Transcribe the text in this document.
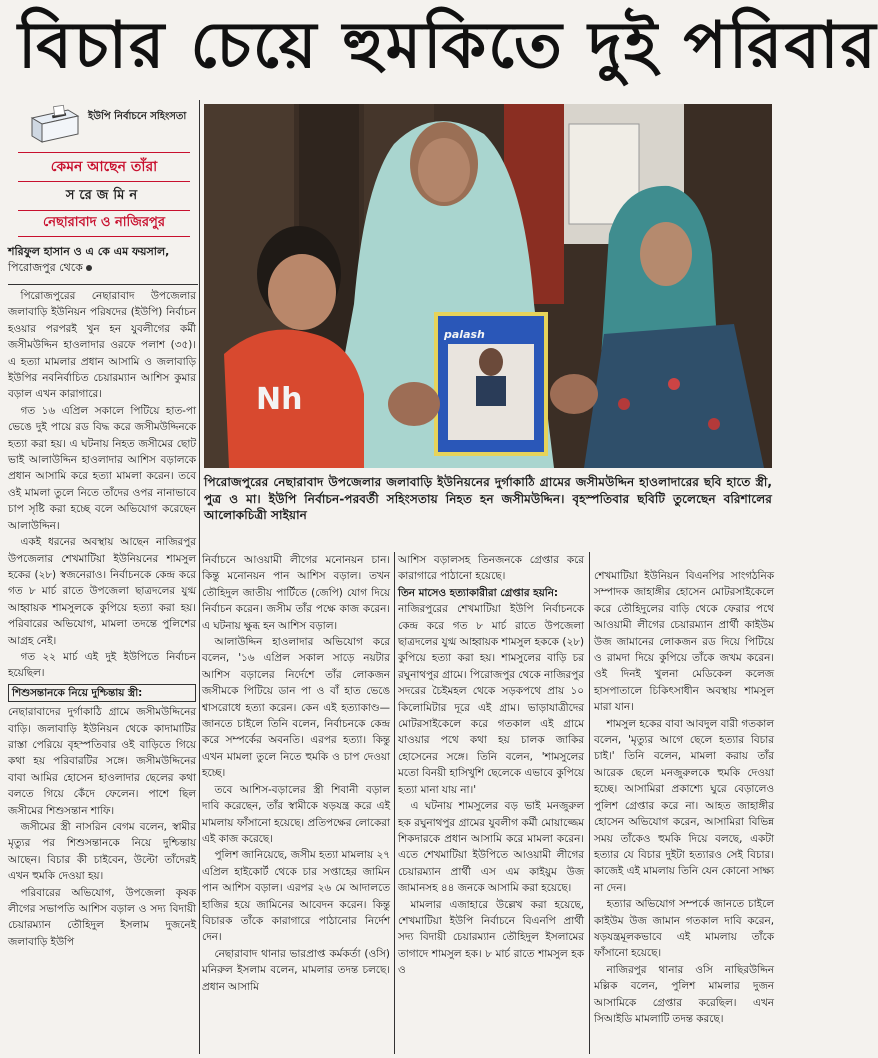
বিচার চেয়ে হুমকিতে দুই পরিবার
ইউপি নির্বাচনে সহিংসতা
কেমন আছেন তাঁরা
সরেজমিন
নেছারাবাদ ও নাজিরপুর
শরিফুল হাসান ও এ কে এম ফয়সাল,
পিরোজপুর থেকে
Nh
palash
পিরোজপুরের নেছারাবাদ উপজেলার জলাবাড়ি ইউনিয়নের দুর্গাকাঠি গ্রামের জসীমউদ্দিন হাওলাদারের ছবি হাতে স্ত্রী, পুত্র ও মা। ইউপি নির্বাচন-পরবর্তী সহিংসতায় নিহত হন জসীমউদ্দিন। বৃহস্পতিবার ছবিটি তুলেছেন বরিশালের আলোকচিত্রী সাইয়ান

পিরোজপুরের নেছারাবাদ উপজেলার জলাবাড়ি ইউনিয়ন পরিষদের (ইউপি) নির্বাচন হওয়ার পরপরই খুন হন যুবলীগের কর্মী জসীমউদ্দিন হাওলাদার ওরফে পলাশ (৩৫)। এ হত্যা মামলার প্রধান আসামি ও জলাবাড়ি ইউপির নবনির্বাচিত চেয়ারম্যান আশিস কুমার বড়াল এখন কারাগারে।

গত ১৬ এপ্রিল সকালে পিটিয়ে হাত-পা ভেঙে দুই পায়ে রড বিদ্ধ করে জসীমউদ্দিনকে হত্যা করা হয়। এ ঘটনায় নিহত জসীমের ছোট ভাই আলাউদ্দিন হাওলাদার আশিস বড়ালকে প্রধান আসামি করে হত্যা মামলা করেন। তবে ওই মামলা তুলে নিতে তাঁদের ওপর নানাভাবে চাপ সৃষ্টি করা হচ্ছে বলে অভিযোগ করেছেন আলাউদ্দিন।

একই ধরনের অবস্থায় আছেন নাজিরপুর উপজেলার শেখমাটিয়া ইউনিয়নের শামসুল হকের (২৮) স্বজনেরাও। নির্বাচনকে কেন্দ্র করে গত ৮ মার্চ রাতে উপজেলা ছাত্রদলের যুগ্ম আহ্বায়ক শামসুলকে কুপিয়ে হত্যা করা হয়। পরিবারের অভিযোগ, মামলা তদন্তে পুলিশের আগ্রহ নেই।

গত ২২ মার্চ এই দুই ইউপিতে নির্বাচন হয়েছিল।

শিশুসন্তানকে নিয়ে দুশ্চিন্তায় স্ত্রী:

নেছারাবাদের দুর্গাকাঠি গ্রামে জসীমউদ্দিনের বাড়ি। জলাবাড়ি ইউনিয়ন থেকে কাদামাটির রাস্তা পেরিয়ে বৃহস্পতিবার ওই বাড়িতে গিয়ে কথা হয় পরিবারটির সঙ্গে। জসীমউদ্দিনের বাবা আমির হোসেন হাওলাদার ছেলের কথা বলতে গিয়ে কেঁদে ফেলেন। পাশে ছিল জসীমের শিশুসন্তান শাফি।

জসীমের স্ত্রী নাসরিন বেগম বলেন, স্বামীর মৃত্যুর পর শিশুসন্তানকে নিয়ে দুশ্চিন্তায় আছেন। বিচার কী চাইবেন, উল্টো তাঁদেরই এখন হুমকি দেওয়া হয়।

পরিবারের অভিযোগ, উপজেলা কৃষক লীগের সভাপতি আশিস বড়াল ও সদ্য বিদায়ী চেয়ারম্যান তৌহিদুল ইসলাম দুজনেই জলাবাড়ি ইউপি

নির্বাচনে আওয়ামী লীগের মনোনয়ন চান। কিন্তু মনোনয়ন পান আশিস বড়াল। তখন তৌহিদুল জাতীয় পার্টিতে (জেপি) যোগ দিয়ে নির্বাচন করেন। জসীম তাঁর পক্ষে কাজ করেন। এ ঘটনায় ক্ষুব্ধ হন আশিস বড়াল।

আলাউদ্দিন হাওলাদার অভিযোগ করে বলেন, '১৬ এপ্রিল সকাল সাড়ে নয়টার আশিস বড়ালের নির্দেশে তাঁর লোকজন জসীমকে পিটিয়ে ডান পা ও বাঁ হাত ভেঙে শ্বাসরোধে হত্যা করেন। কেন এই হত্যাকাণ্ড—জানতে চাইলে তিনি বলেন, নির্বাচনকে কেন্দ্র করে সম্পর্কের অবনতি। এরপর হত্যা। কিন্তু এখন মামলা তুলে নিতে হুমকি ও চাপ দেওয়া হচ্ছে।

তবে আশিস-বড়ালের স্ত্রী শিবানী বড়াল দাবি করেছেন, তাঁর স্বামীকে ষড়যন্ত্র করে এই মামলায় ফাঁসানো হয়েছে। প্রতিপক্ষের লোকেরা এই কাজ করেছে।

পুলিশ জানিয়েছে, জসীম হত্যা মামলায় ২৭ এপ্রিল হাইকোর্ট থেকে চার সপ্তাহের জামিন পান আশিস বড়াল। এরপর ২৬ মে আদালতে হাজির হয়ে জামিনের আবেদন করেন। কিন্তু বিচারক তাঁকে কারাগারে পাঠানোর নির্দেশ দেন।

নেছারাবাদ থানার ভারপ্রাপ্ত কর্মকর্তা (ওসি) মনিরুল ইসলাম বলেন, মামলার তদন্ত চলছে। প্রধান আসামি

আশিস বড়ালসহ তিনজনকে গ্রেপ্তার করে কারাগারে পাঠানো হয়েছে।

তিন মাসেও হত্যাকারীরা গ্রেপ্তার হয়নি:

নাজিরপুরের শেখমাটিয়া ইউপি নির্বাচনকে কেন্দ্র করে গত ৮ মার্চ রাতে উপজেলা ছাত্রদলের যুগ্ম আহ্বায়ক শামসুল হককে (২৮) কুপিয়ে হত্যা করা হয়। শামসুলের বাড়ি চর রঘুনাথপুর গ্রামে। পিরোজপুর থেকে নাজিরপুর সদরের চৈইমহল থেকে সড়কপথে প্রায় ১০ কিলোমিটার দূরে এই গ্রাম। ভাড়াযাত্রীদের মোটরসাইকেলে করে গতকাল এই গ্রামে যাওয়ার পথে কথা হয় চালক জাকির হোসেনের সঙ্গে। তিনি বলেন, 'শামসুলের মতো বিনয়ী হাসিখুশি ছেলেকে এভাবে কুপিয়ে হত্যা মানা যায় না।'

এ ঘটনায় শামসুলের বড় ভাই মনজুরুল হক রঘুনাথপুর গ্রামের যুবলীগ কর্মী মোয়াজ্জেম শিকদারকে প্রধান আসামি করে মামলা করেন। এতে শেখমাটিয়া ইউপিতে আওয়ামী লীগের চেয়ারম্যান প্রার্থী এস এম কাইয়ুম উজ জামানসহ ৪৪ জনকে আসামি করা হয়েছে।

মামলার এজাহারে উল্লেখ করা হয়েছে, শেখমাটিয়া ইউপি নির্বাচনে বিএনপি প্রার্থী সদ্য বিদায়ী চেয়ারম্যান তৌহিদুল ইসলামের তাগাদে শামসুল হক। ৮ মার্চ রাতে শামসুল হক ও

শেখমাটিয়া ইউনিয়ন বিএনপির সাংগঠনিক সম্পাদক জাহাঙ্গীর হোসেন মোটরসাইকেলে করে তৌহিদুলের বাড়ি থেকে ফেরার পথে আওয়ামী লীগের চেয়ারম্যান প্রার্থী কাইউম উজ জামানের লোকজন রড দিয়ে পিটিয়ে ও রামদা দিয়ে কুপিয়ে তাঁকে জখম করেন। ওই দিনই খুলনা মেডিকেল কলেজ হাসপাতালে চিকিৎসাধীন অবস্থায় শামসুল মারা যান।

শামসুল হকের বাবা আবদুল বারী গতকাল বলেন, 'মৃত্যুর আগে ছেলে হত্যার বিচার চাই।' তিনি বলেন, মামলা করায় তাঁর আরেক ছেলে মনজুরুলকে হুমকি দেওয়া হচ্ছে। আসামিরা প্রকাশ্যে ঘুরে বেড়ালেও পুলিশ গ্রেপ্তার করে না। আহত জাহাঙ্গীর হোসেন অভিযোগ করেন, আসামিরা বিভিন্ন সময় তাঁকেও হুমকি দিয়ে বলছে, একটা হত্যার যে বিচার দুইটা হত্যারও সেই বিচার। কাজেই এই মামলায় তিনি যেন কোনো সাক্ষ্য না দেন।

হত্যার অভিযোগ সম্পর্কে জানতে চাইলে কাইউম উজ জামান গতকাল দাবি করেন, ষড়যন্ত্রমূলকভাবে এই মামলায় তাঁকে ফাঁসানো হয়েছে।

নাজিরপুর থানার ওসি নাছিরউদ্দিন মল্লিক বলেন, পুলিশ মামলার দুজন আসামিকে গ্রেপ্তার করেছিল। এখন সিআইডি মামলাটি তদন্ত করছে।
